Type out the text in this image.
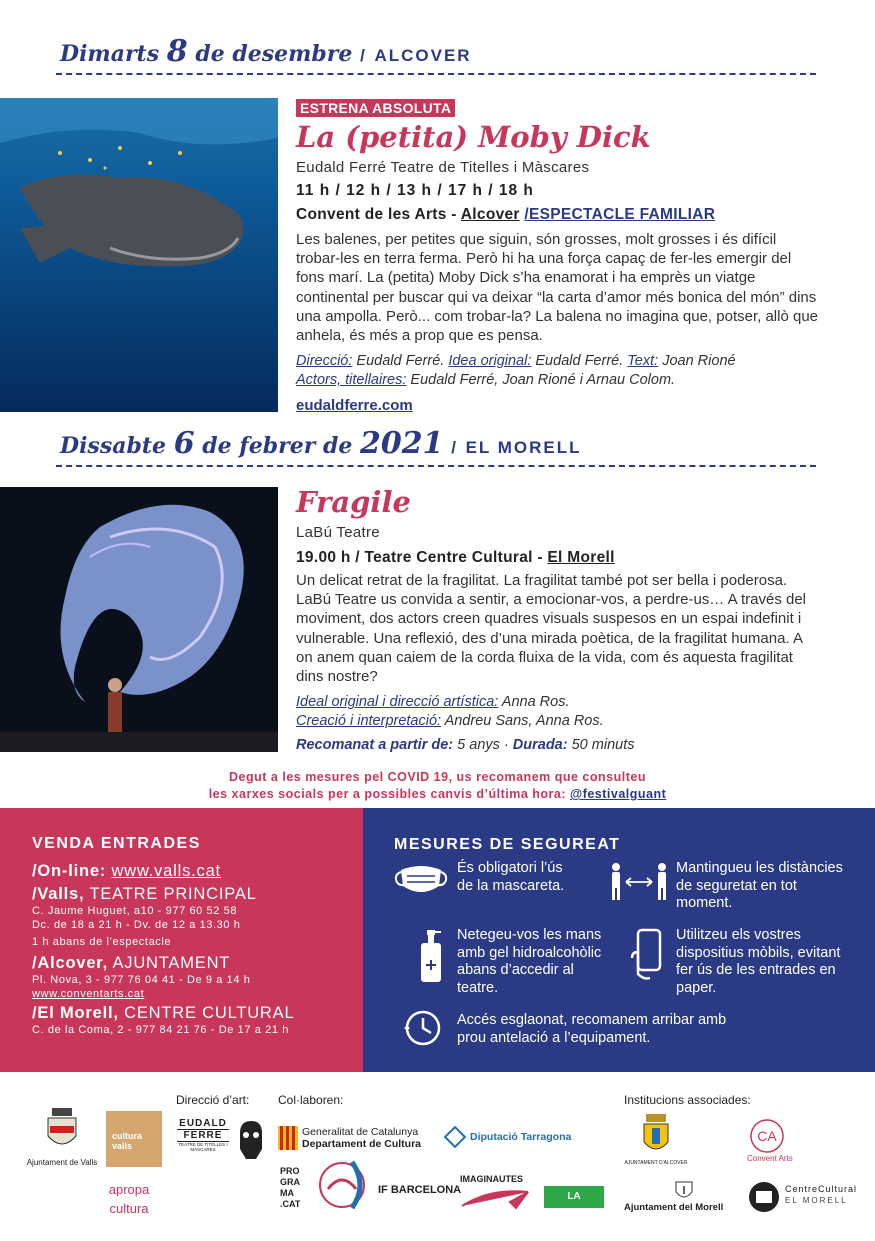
Dimarts 8 de desembre / ALCOVER
ESTRENA ABSOLUTA
La (petita) Moby Dick
Eudald Ferré Teatre de Titelles i Màscares
11 h / 12 h / 13 h / 17 h / 18 h
Convent de les Arts - Alcover /ESPECTACLE FAMILIAR
Les balenes, per petites que siguin, són grosses, molt grosses i és difícil trobar-les en terra ferma. Però hi ha una força capaç de fer-les emergir del fons marí. La (petita) Moby Dick s’ha enamorat i ha emprès un viatge continental per buscar qui va deixar “la carta d’amor més bonica del món” dins una ampolla. Però... com trobar-la? La balena no imagina que, potser, allò que anhela, és més a prop que es pensa.
Direcció: Eudald Ferré. Idea original: Eudald Ferré. Text: Joan Rioné
Actors, titellaires: Eudald Ferré, Joan Rioné i Arnau Colom.
eudaldferre.com
Dissabte 6 de febrer de 2021 / EL MORELL
Fragile
LaBú Teatre
19.00 h / Teatre Centre Cultural - El Morell
Un delicat retrat de la fragilitat. La fragilitat també pot ser bella i poderosa. LaBú Teatre us convida a sentir, a emocionar-vos, a perdre-us… A través del moviment, dos actors creen quadres visuals suspesos en un espai indefinit i vulnerable. Una reflexió, des d’una mirada poètica, de la fragilitat humana. A on anem quan caiem de la corda fluixa de la vida, com és aquesta fragilitat dins nostre?
Ideal original i direcció artística: Anna Ros.
Creació i interpretació: Andreu Sans, Anna Ros.
Recomanat a partir de: 5 anys · Durada: 50 minuts
Degut a les mesures pel COVID 19, us recomanem que consulteu
les xarxes socials per a possibles canvis d’última hora: @festivalguant
VENDA ENTRADES
/On-line: www.valls.cat
/Valls, TEATRE PRINCIPAL
C. Jaume Huguet, a10 - 977 60 52 58
Dc. de 18 a 21 h - Dv. de 12 a 13.30 h
1 h abans de l’espectacle
/Alcover, AJUNTAMENT
Pl. Nova, 3 - 977 76 04 41 - De 9 a 14 h
www.conventarts.cat
/El Morell, CENTRE CULTURAL
C. de la Coma, 2 - 977 84 21 76 - De 17 a 21 h
MESURES DE SEGUREAT
És obligatori l’ús de la mascareta.
Mantingueu les distàncies de seguretat en tot moment.
Netegeu-vos les mans amb gel hidroalcohòlic abans d’accedir al teatre.
Utilitzeu els vostres dispositius mòbils, evitant fer ús de les entrades en paper.
Accés esglaonat, recomanem arribar amb prou antelació a l’equipament.
Direcció d’art: Col·laboren:	Institucions associades:
Ajuntament de Valls
cultura valls
apropa
cultura
EUDALD
FERRÉ
TEATRE DE TITELLES I MÀSCARES
Generalitat de Catalunya
Departament de Cultura
Diputació Tarragona
PRO GRA MA .CAT
IF BARCELONA
IMAGINAUTES
LA TAULADA
AJUNTAMENT D'ALCOVER
CA
Convent Arts
Ajuntament del Morell
CentreCultural
EL MORELL
